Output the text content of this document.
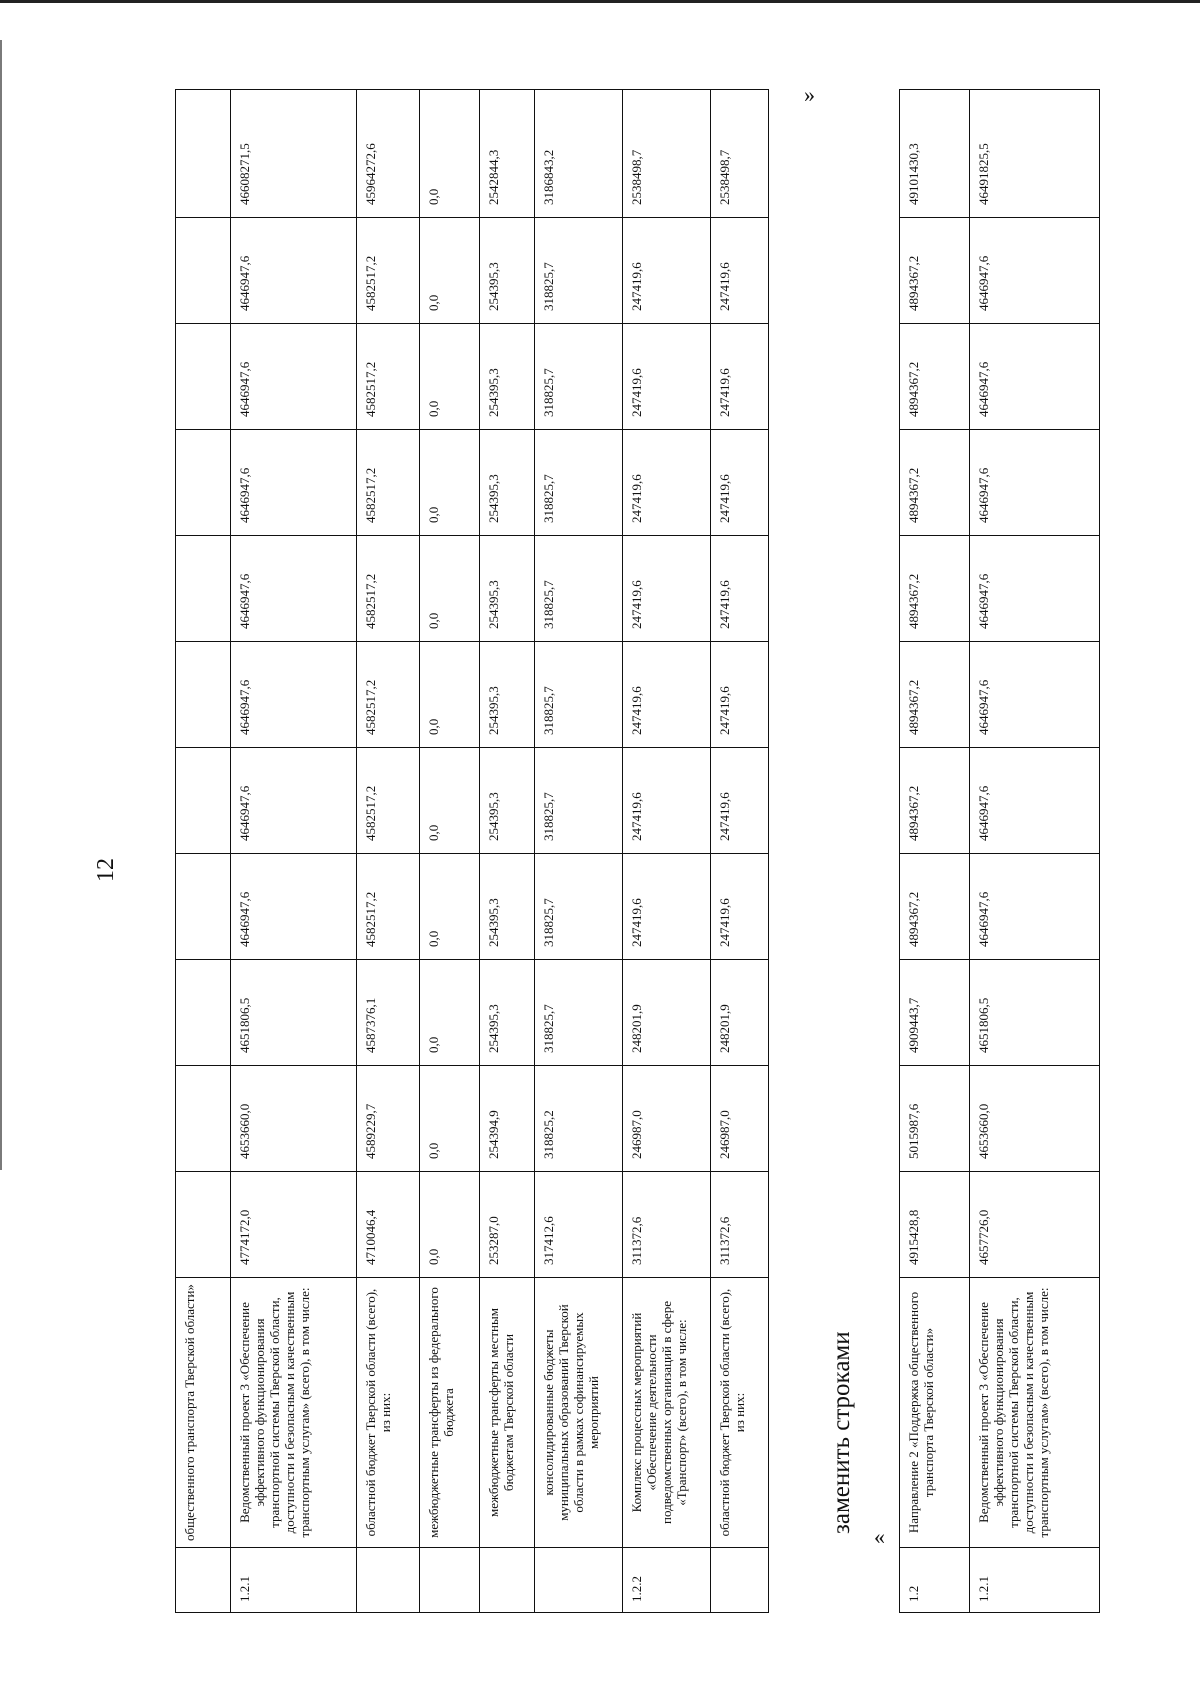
12
»
заменить строками
«
	общественного транспорта Тверской области»											
1.2.1	Ведомственный проект 3 «Обеспечение эффективного функционирования транспортной системы Тверской области, доступности и безопасным и качественным транспортным услугам» (всего), в том числе:	4774172,0	4653660,0	4651806,5	4646947,6	4646947,6	4646947,6	4646947,6	4646947,6	4646947,6	4646947,6	46608271,5
	областной бюджет Тверской области (всего), из них:	4710046,4	4589229,7	4587376,1	4582517,2	4582517,2	4582517,2	4582517,2	4582517,2	4582517,2	4582517,2	45964272,6
	межбюджетные трансферты из федерального бюджета	0,0	0,0	0,0	0,0	0,0	0,0	0,0	0,0	0,0	0,0	0,0
	межбюджетные трансферты местным бюджетам Тверской области	253287,0	254394,9	254395,3	254395,3	254395,3	254395,3	254395,3	254395,3	254395,3	254395,3	2542844,3
	консолидированные бюджеты муниципальных образований Тверской области в рамках софинансируемых мероприятий	317412,6	318825,2	318825,7	318825,7	318825,7	318825,7	318825,7	318825,7	318825,7	318825,7	3186843,2
1.2.2	Комплекс процессных мероприятий «Обеспечение деятельности подведомственных организаций в сфере «Транспорт» (всего), в том числе:	311372,6	246987,0	248201,9	247419,6	247419,6	247419,6	247419,6	247419,6	247419,6	247419,6	2538498,7
	областной бюджет Тверской области (всего), из них:	311372,6	246987,0	248201,9	247419,6	247419,6	247419,6	247419,6	247419,6	247419,6	247419,6	2538498,7
1.2	Направление 2 «Поддержка общественного транспорта Тверской области»	4915428,8	5015987,6	4909443,7	4894367,2	4894367,2	4894367,2	4894367,2	4894367,2	4894367,2	4894367,2	49101430,3
1.2.1	Ведомственный проект 3 «Обеспечение эффективного функционирования транспортной системы Тверской области, доступности и безопасным и качественным транспортным услугам» (всего), в том числе:	4657726,0	4653660,0	4651806,5	4646947,6	4646947,6	4646947,6	4646947,6	4646947,6	4646947,6	4646947,6	46491825,5
